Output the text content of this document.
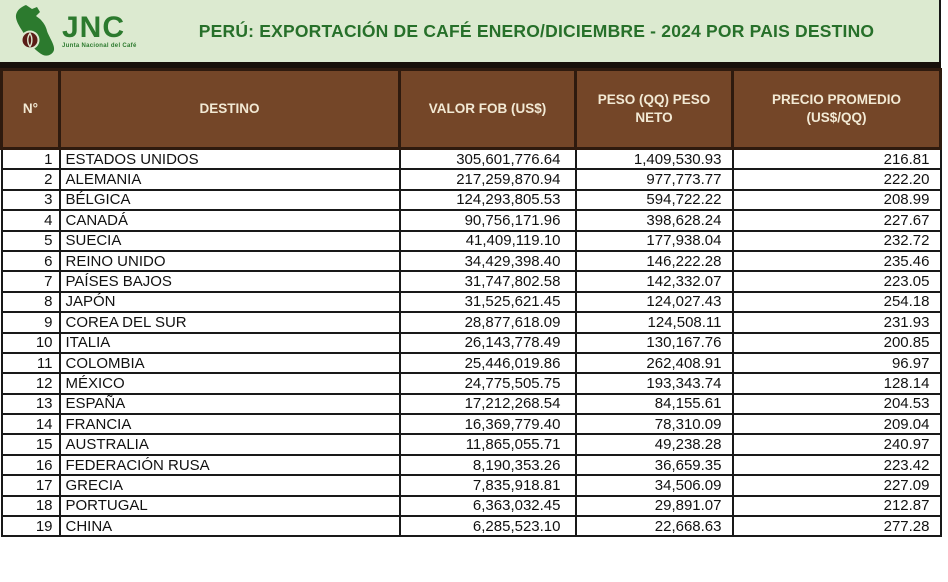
JNC
Junta Nacional del Café
PERÚ: EXPORTACIÓN DE CAFÉ ENERO/DICIEMBRE - 2024 POR PAIS DESTINO
N°	DESTINO	VALOR FOB (US$)	PESO (QQ) PESO NETO	PRECIO PROMEDIO (US$/QQ)
1	ESTADOS UNIDOS	305,601,776.64	1,409,530.93	216.81
2	ALEMANIA	217,259,870.94	977,773.77	222.20
3	BÉLGICA	124,293,805.53	594,722.22	208.99
4	CANADÁ	90,756,171.96	398,628.24	227.67
5	SUECIA	41,409,119.10	177,938.04	232.72
6	REINO UNIDO	34,429,398.40	146,222.28	235.46
7	PAÍSES BAJOS	31,747,802.58	142,332.07	223.05
8	JAPÓN	31,525,621.45	124,027.43	254.18
9	COREA DEL SUR	28,877,618.09	124,508.11	231.93
10	ITALIA	26,143,778.49	130,167.76	200.85
11	COLOMBIA	25,446,019.86	262,408.91	96.97
12	MÉXICO	24,775,505.75	193,343.74	128.14
13	ESPAÑA	17,212,268.54	84,155.61	204.53
14	FRANCIA	16,369,779.40	78,310.09	209.04
15	AUSTRALIA	11,865,055.71	49,238.28	240.97
16	FEDERACIÓN RUSA	8,190,353.26	36,659.35	223.42
17	GRECIA	7,835,918.81	34,506.09	227.09
18	PORTUGAL	6,363,032.45	29,891.07	212.87
19	CHINA	6,285,523.10	22,668.63	277.28
